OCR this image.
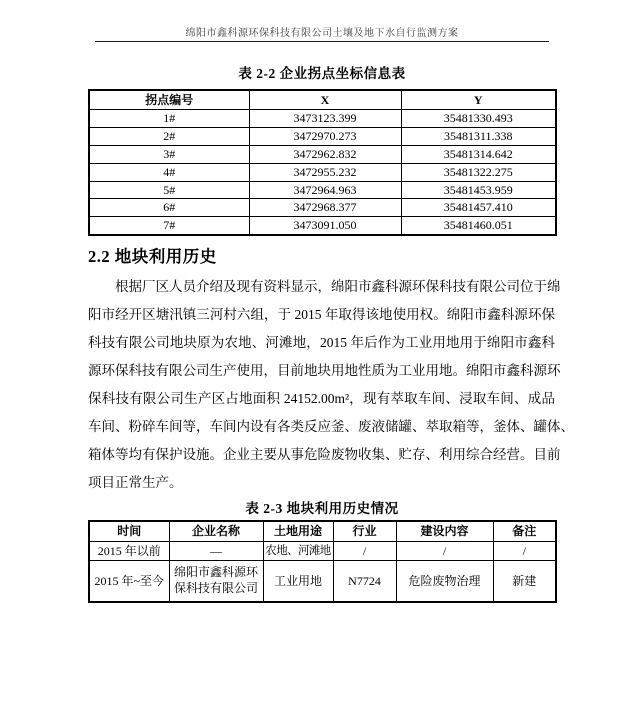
绵阳市鑫科源环保科技有限公司土壤及地下水自行监测方案
表 2-2 企业拐点坐标信息表
拐点编号	X	Y
1#	3473123.399	35481330.493
2#	3472970.273	35481311.338
3#	3472962.832	35481314.642
4#	3472955.232	35481322.275
5#	3472964.963	35481453.959
6#	3472968.377	35481457.410
7#	3473091.050	35481460.051
2.2 地块利用历史
根据厂区人员介绍及现有资料显示，绵阳市鑫科源环保科技有限公司位于绵
阳市经开区塘汛镇三河村六组，于 2015 年取得该地使用权。绵阳市鑫科源环保
科技有限公司地块原为农地、河滩地，2015 年后作为工业用地用于绵阳市鑫科
源环保科技有限公司生产使用，目前地块用地性质为工业用地。绵阳市鑫科源环
保科技有限公司生产区占地面积 24152.00m²，现有萃取车间、浸取车间、成品
车间、粉碎车间等，车间内设有各类反应釜、废液储罐、萃取箱等，釜体、罐体、
箱体等均有保护设施。企业主要从事危险废物收集、贮存、利用综合经营。目前
项目正常生产。
表 2-3 地块利用历史情况
时间	企业名称	土地用途	行业	建设内容	备注
2015 年以前	—	农地、河滩地	/	/	/
2015 年~至今	绵阳市鑫科源环保科技有限公司	工业用地	N7724	危险废物治理	新建
